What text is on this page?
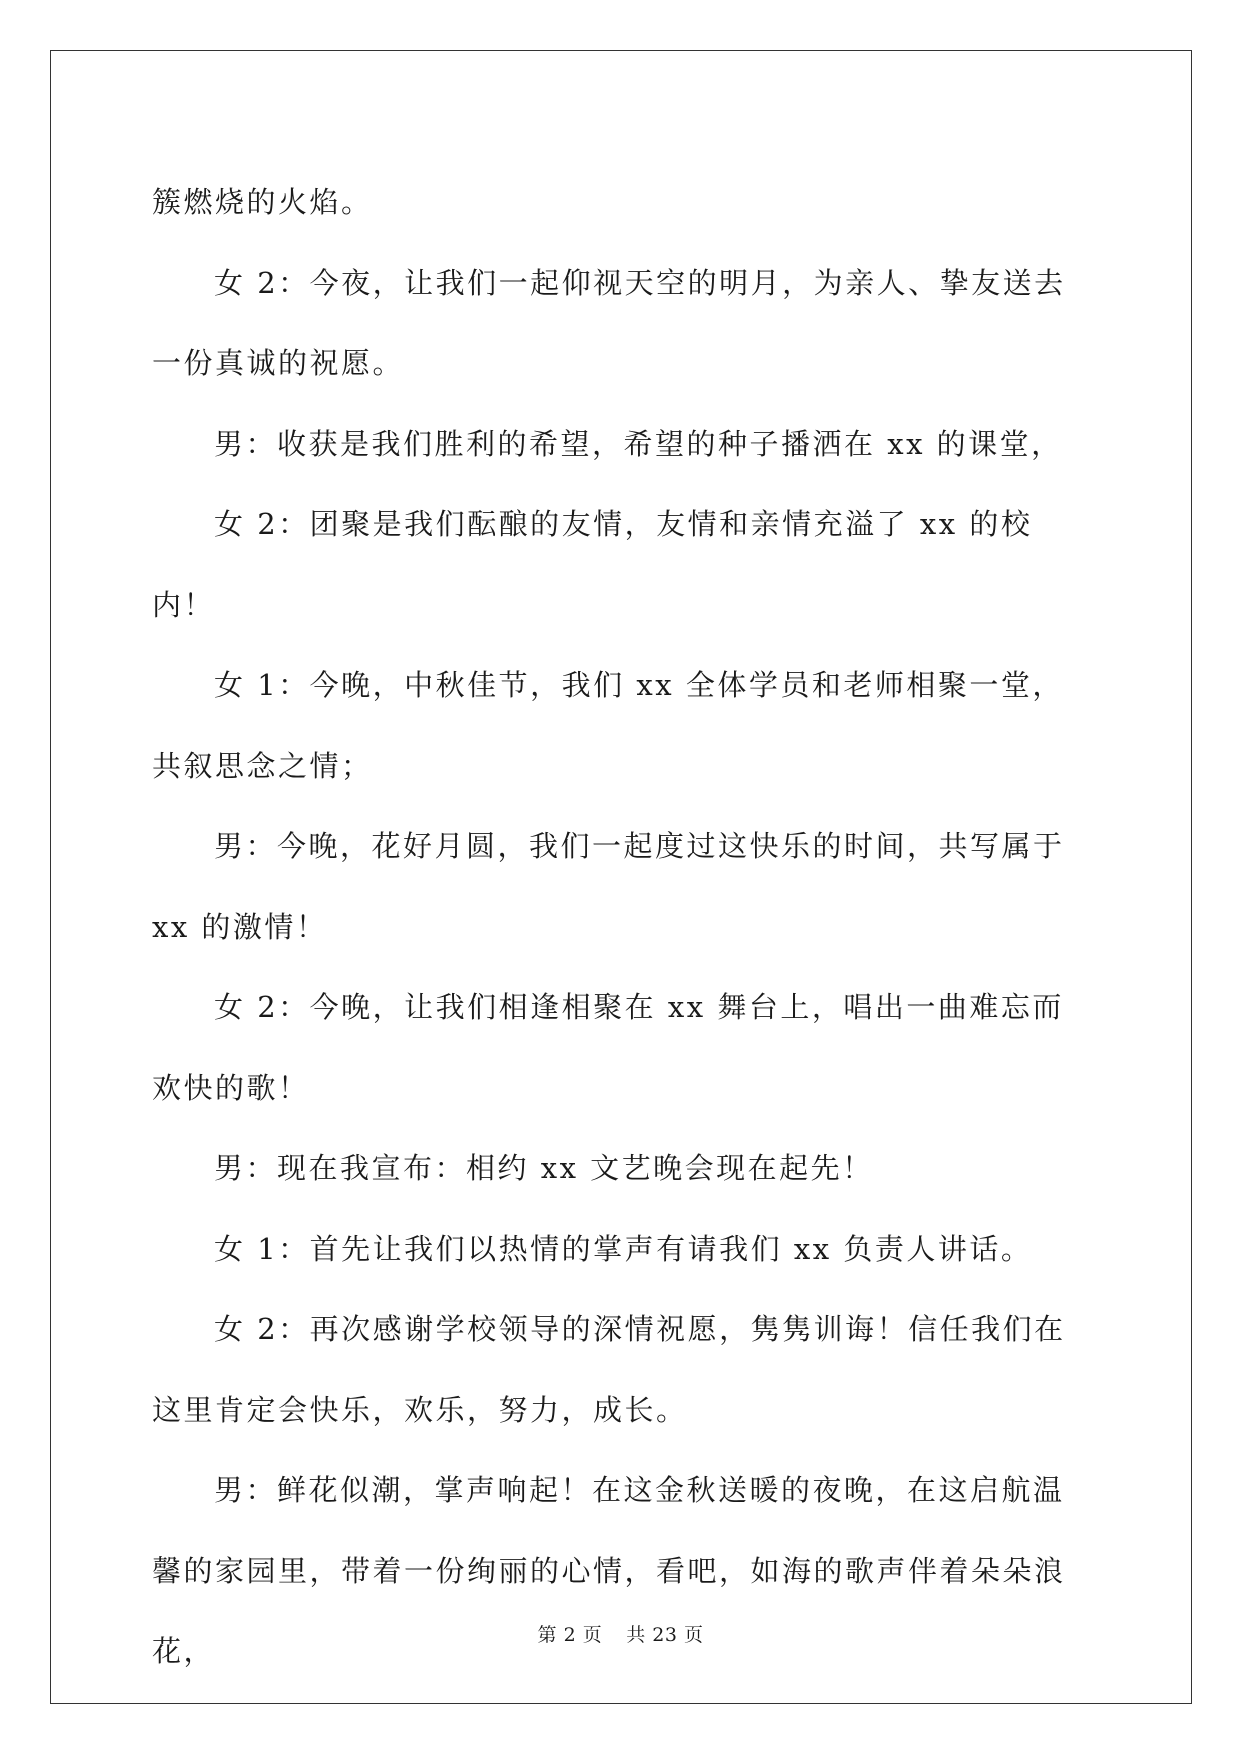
簇燃烧的火焰。

女 2：今夜，让我们一起仰视天空的明月，为亲人、挚友送去一份真诚的祝愿。

男：收获是我们胜利的希望，希望的种子播洒在 xx 的课堂，

女 2：团聚是我们酝酿的友情，友情和亲情充溢了 xx 的校内！

女 1：今晚，中秋佳节，我们 xx 全体学员和老师相聚一堂，共叙思念之情；

男：今晚，花好月圆，我们一起度过这快乐的时间，共写属于 xx 的激情！

女 2：今晚，让我们相逢相聚在 xx 舞台上，唱出一曲难忘而欢快的歌！

男：现在我宣布：相约 xx 文艺晚会现在起先！

女 1：首先让我们以热情的掌声有请我们 xx 负责人讲话。

女 2：再次感谢学校领导的深情祝愿，隽隽训诲！信任我们在这里肯定会快乐，欢乐，努力，成长。

男：鲜花似潮，掌声响起！在这金秋送暖的夜晚，在这启航温馨的家园里，带着一份绚丽的心情，看吧，如海的歌声伴着朵朵浪花，	第 2 页 共 23 页
